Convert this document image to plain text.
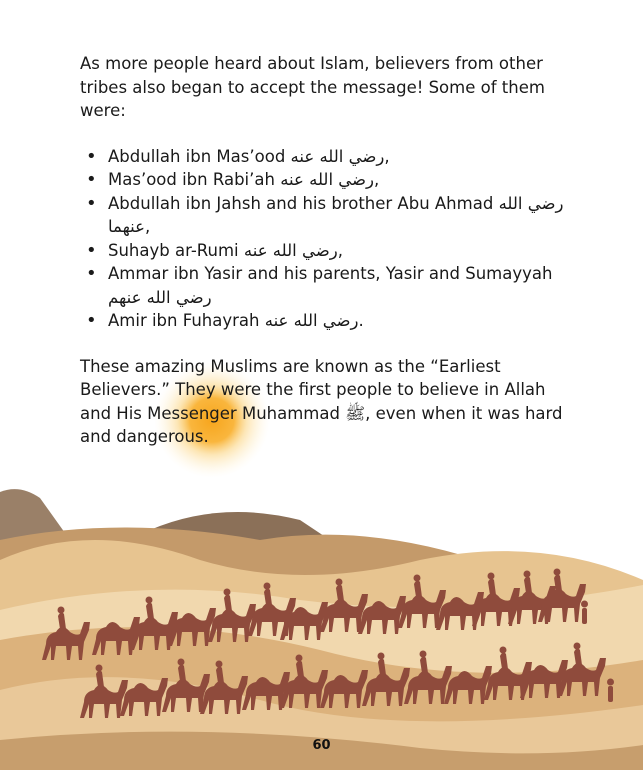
As more people heard about Islam, believers from other tribes also began to accept the message! Some of them were:

• Abdullah ibn Mas’ood رضي الله عنه,
• Mas’ood ibn Rabi’ah رضي الله عنه,
• Abdullah ibn Jahsh and his brother Abu Ahmad رضي الله عنهما,
• Suhayb ar-Rumi رضي الله عنه,
• Ammar ibn Yasir and his parents, Yasir and Sumayyah رضي الله عنهم
• Amir ibn Fuhayrah رضي الله عنه.

These amazing Muslims are known as the “Earliest Believers.” They were the first people to believe in Allah and His Messenger Muhammad ﷺ, even when it was hard and dangerous.

60
